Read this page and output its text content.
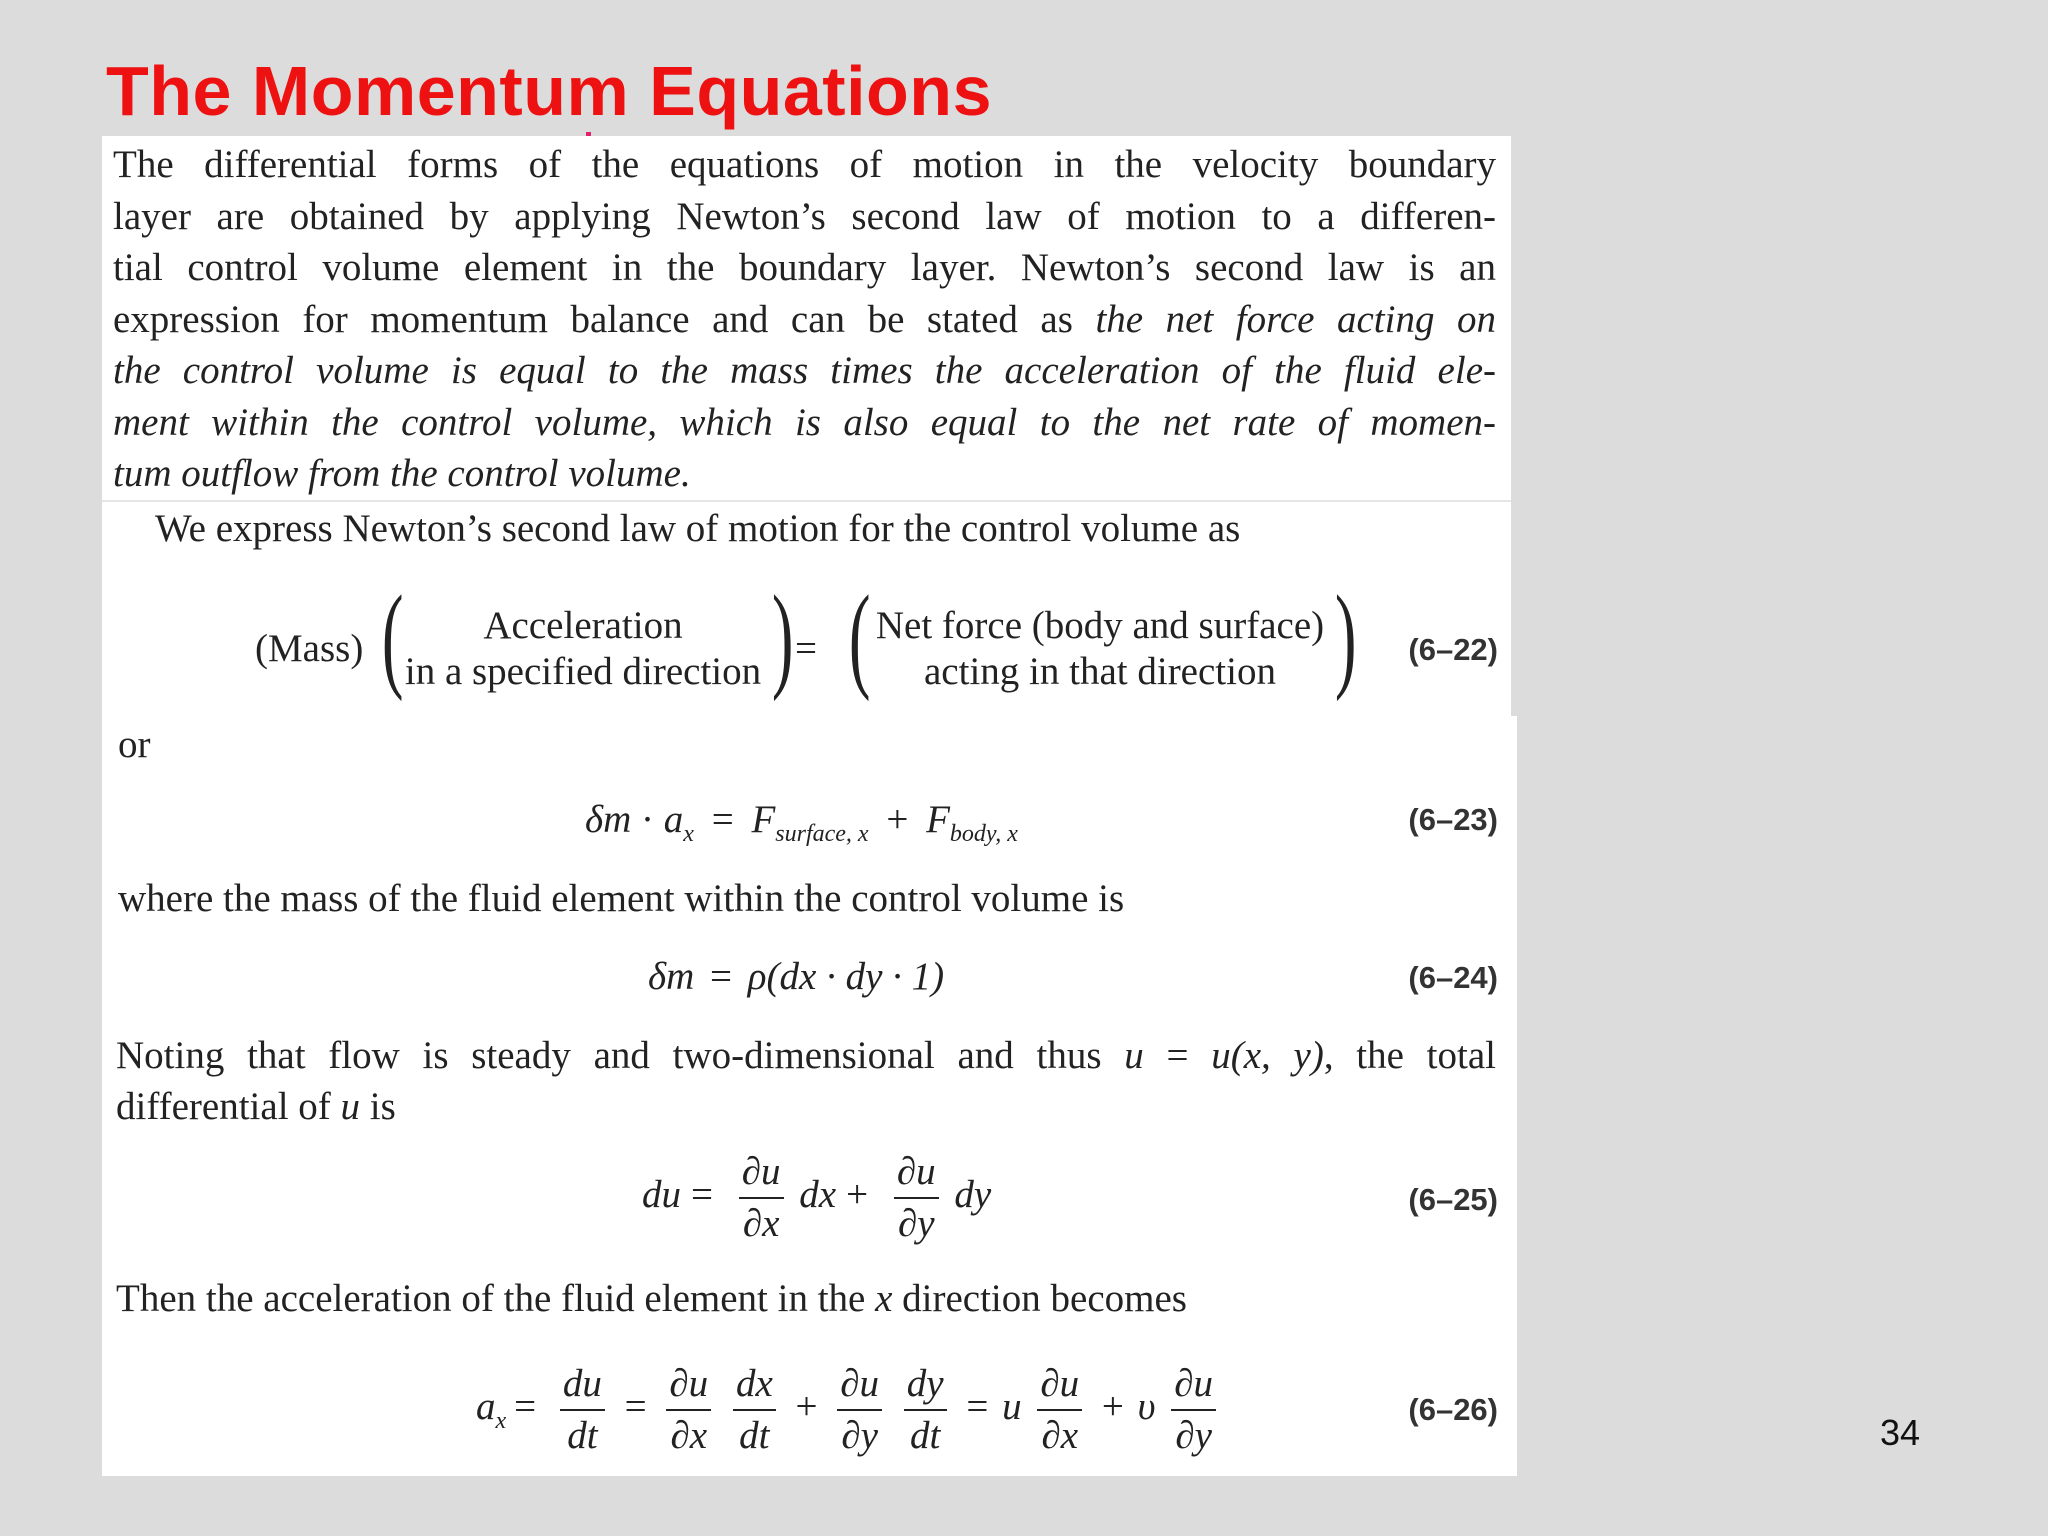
The Momentum Equations
The differential forms of the equations of motion in the velocity boundary
layer are obtained by applying Newton’s second law of motion to a differen-
tial control volume element in the boundary layer. Newton’s second law is an
expression for momentum balance and can be stated as the net force acting on
the control volume is equal to the mass times the acceleration of the fluid ele-
ment within the control volume, which is also equal to the net rate of momen-
tum outflow from the control volume.
We express Newton’s second law of motion for the control volume as
(Mass) (	Acceleration
in a specified direction ) = ( Net force (body and surface)
acting in that direction ) (6–22)
or
$\delta m \cdot a_x = F_{surface, x} + F_{body, x}$	(6–23)
where the mass of the fluid element within the control volume is
δm = ρ(dx · dy · 1)	(6–24)
Noting that flow is steady and two-dimensional and thus u = u(x, y), the total
differential of u is
du = $\frac{\partial u}{\partial x}$ dx + $\frac{\partial u}{\partial y}$ dy	(6–25)
Then the acceleration of the fluid element in the x direction becomes
$a_x = \frac{du}{dt} = \frac{\partial u}{\partial x}$
$\frac{dx}{dt} + \frac{\partial u}{\partial y}$
$\frac{dy}{dt} = u \frac{\partial u}{\partial x} + \upsilon \frac{\partial u}{\partial y}$	(6–26)
34
